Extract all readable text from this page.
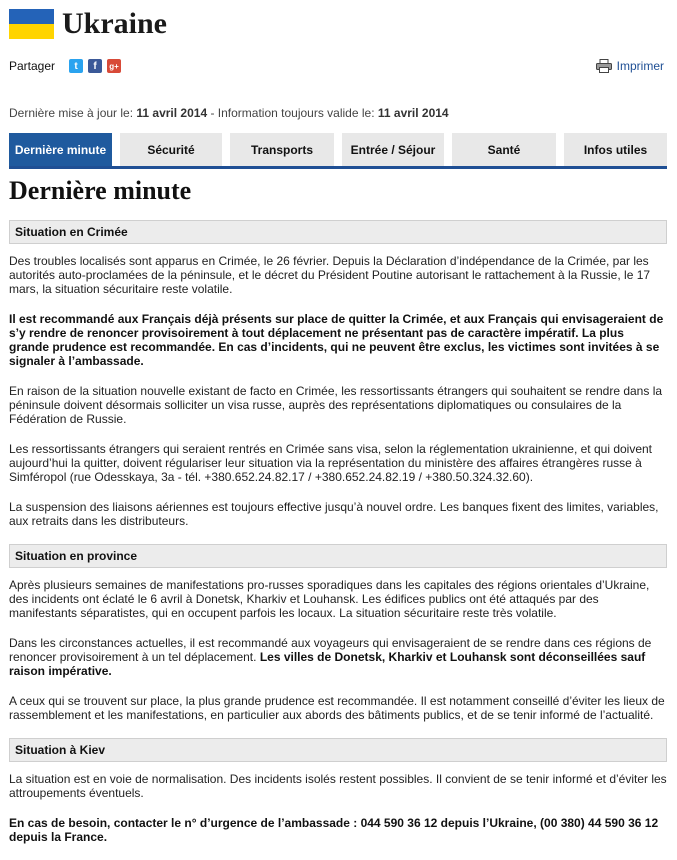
Ukraine
Partager	t	f	g+	Imprimer
Dernière mise à jour le: 11 avril 2014 - Information toujours valide le: 11 avril 2014
Dernière minute	Sécurité	Transports	Entrée / Séjour	Santé	Infos utiles
Dernière minute
Situation en Crimée

Des troubles localisés sont apparus en Crimée, le 26 février. Depuis la Déclaration d’indépendance de la Crimée, par les autorités auto-proclamées de la péninsule, et le décret du Président Poutine autorisant le rattachement à la Russie, le 17 mars, la situation sécuritaire reste volatile.

Il est recommandé aux Français déjà présents sur place de quitter la Crimée, et aux Français qui envisageraient de s’y rendre de renoncer provisoirement à tout déplacement ne présentant pas de caractère impératif. La plus grande prudence est recommandée. En cas d’incidents, qui ne peuvent être exclus, les victimes sont invitées à se signaler à l’ambassade.

En raison de la situation nouvelle existant de facto en Crimée, les ressortissants étrangers qui souhaitent se rendre dans la péninsule doivent désormais solliciter un visa russe, auprès des représentations diplomatiques ou consulaires de la Fédération de Russie.

Les ressortissants étrangers qui seraient rentrés en Crimée sans visa, selon la réglementation ukrainienne, et qui doivent aujourd’hui la quitter, doivent régulariser leur situation via la représentation du ministère des affaires étrangères russe à Simféropol (rue Odesskaya, 3a - tél. +380.652.24.82.17 / +380.652.24.82.19 / +380.50.324.32.60).

La suspension des liaisons aériennes est toujours effective jusqu’à nouvel ordre. Les banques fixent des limites, variables, aux retraits dans les distributeurs.

Situation en province

Après plusieurs semaines de manifestations pro-russes sporadiques dans les capitales des régions orientales d’Ukraine, des incidents ont éclaté le 6 avril à Donetsk, Kharkiv et Louhansk. Les édifices publics ont été attaqués par des manifestants séparatistes, qui en occupent parfois les locaux. La situation sécuritaire reste très volatile.

Dans les circonstances actuelles, il est recommandé aux voyageurs qui envisageraient de se rendre dans ces régions de renoncer provisoirement à un tel déplacement. Les villes de Donetsk, Kharkiv et Louhansk sont déconseillées sauf raison impérative.

A ceux qui se trouvent sur place, la plus grande prudence est recommandée. Il est notamment conseillé d’éviter les lieux de rassemblement et les manifestations, en particulier aux abords des bâtiments publics, et de se tenir informé de l’actualité.

Situation à Kiev

La situation est en voie de normalisation. Des incidents isolés restent possibles. Il convient de se tenir informé et d’éviter les attroupements éventuels.

En cas de besoin, contacter le n° d’urgence de l’ambassade : 044 590 36 12 depuis l’Ukraine, (00 380) 44 590 36 12 depuis la France.
